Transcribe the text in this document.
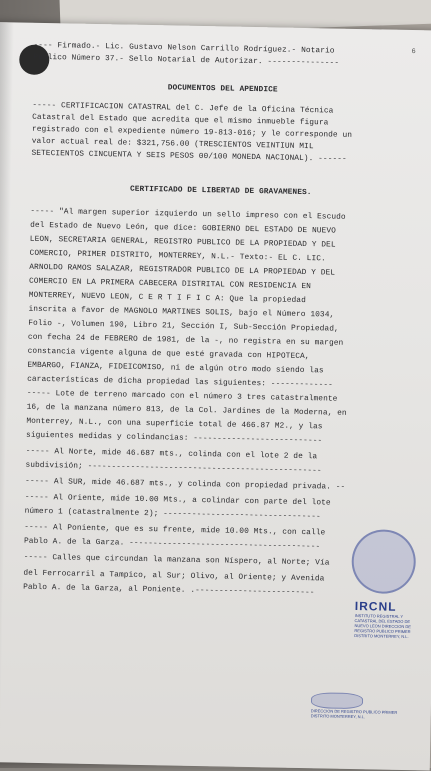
6
---- Firmado.- Lic. Gustavo Nelson Carrillo Rodríguez.- Notario
Público Número 37.- Sello Notarial de Autorizar. ---------------
DOCUMENTOS DEL APENDICE
----- CERTIFICACION CATASTRAL del C. Jefe de la Oficina Técnica
Catastral del Estado que acredita que el mismo inmueble figura
registrado con el expediente número 19-813-016; y le corresponde un
valor actual real de: $321,756.00 (TRESCIENTOS VEINTIUN MIL
SETECIENTOS CINCUENTA Y SEIS PESOS 00/100 MONEDA NACIONAL). ------
CERTIFICADO DE LIBERTAD DE GRAVAMENES.
----- "Al margen superior izquierdo un sello impreso con el Escudo
del Estado de Nuevo León, que dice: GOBIERNO DEL ESTADO DE NUEVO
LEON, SECRETARIA GENERAL, REGISTRO PUBLICO DE LA PROPIEDAD Y DEL
COMERCIO, PRIMER DISTRITO, MONTERREY, N.L.- Texto:- EL C. LIC.
ARNOLDO RAMOS SALAZAR, REGISTRADOR PUBLICO DE LA PROPIEDAD Y DEL
COMERCIO EN LA PRIMERA CABECERA DISTRITAL CON RESIDENCIA EN
MONTERREY, NUEVO LEON, C E R T I F I C A: Que la propiedad
inscrita a favor de MAGNOLO MARTINES SOLIS, bajo el Número 1034,
Folio -, Volumen 190, Libro 21, Sección I, Sub-Sección Propiedad,
con fecha 24 de FEBRERO de 1981, de la -, no registra en su margen
constancia vigente alguna de que esté gravada con HIPOTECA,
EMBARGO, FIANZA, FIDEICOMISO, ni de algún otro modo siendo las
características de dicha propiedad las siguientes: -------------
----- Lote de terreno marcado con el número 3 tres catastralmente
16, de la manzana número 813, de la Col. Jardines de la Moderna, en
Monterrey, N.L., con una superficie total de 466.87 M2., y las
siguientes medidas y colindancias: ---------------------------
----- Al Norte, mide 46.687 mts., colinda con el lote 2 de la
subdivisión; -------------------------------------------------
----- Al SUR, mide 46.687 mts., y colinda con propiedad privada. --
----- Al Oriente, mide 10.00 Mts., a colindar con parte del lote
número 1 (catastralmente 2); ---------------------------------
----- Al Poniente, que es su frente, mide 10.00 Mts., con calle
Pablo A. de la Garza. ----------------------------------------
----- Calles que circundan la manzana son Níspero, al Norte; Vía
del Ferrocarril a Tampico, al Sur; Olivo, al Oriente; y Avenida
Pablo A. de la Garza, al Poniente. .-------------------------
IRCNL
INSTITUTO REGISTRAL Y CATASTRAL DEL ESTADO DE NUEVO LEON DIRECCION DE REGISTRO PUBLICO PRIMER DISTRITO MONTERREY, N.L.
DIRECCION DE REGISTRO PUBLICO PRIMER DISTRITO MONTERREY, N.L.
